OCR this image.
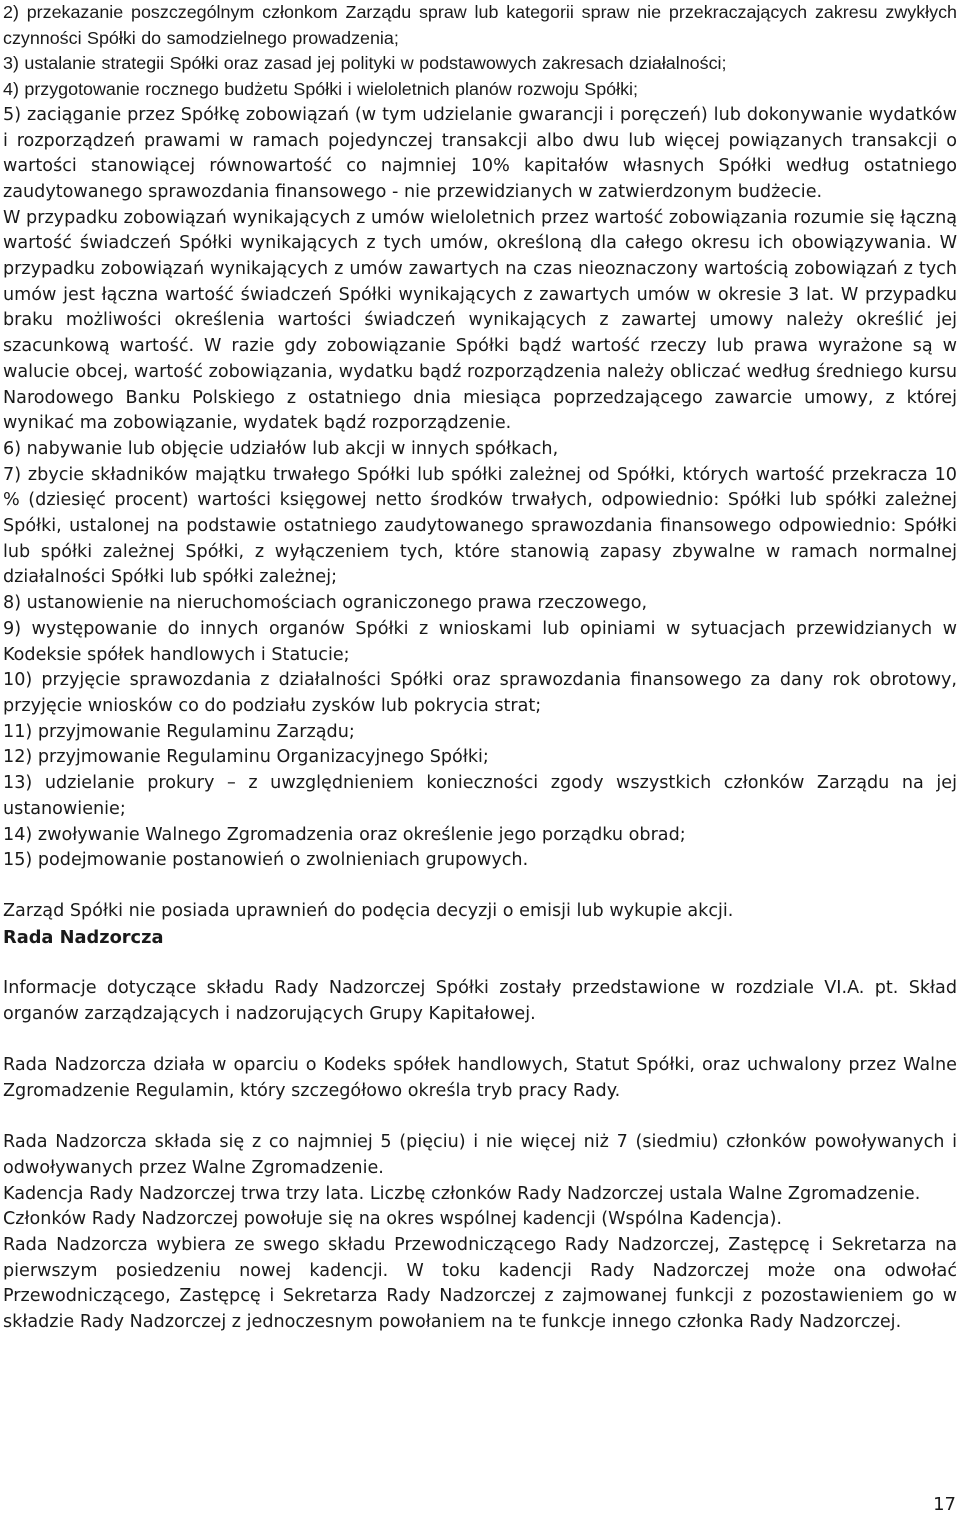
2) przekazanie poszczególnym członkom Zarządu spraw lub kategorii spraw nie przekraczających zakresu zwykłych czynności Spółki do samodzielnego prowadzenia;

3) ustalanie strategii Spółki oraz zasad jej polityki w podstawowych zakresach działalności;

4) przygotowanie rocznego budżetu Spółki i wieloletnich planów rozwoju Spółki;

5) zaciąganie przez Spółkę zobowiązań (w tym udzielanie gwarancji i poręczeń) lub dokonywanie wydatków i rozporządzeń prawami w ramach pojedynczej transakcji albo dwu lub więcej powiązanych transakcji o wartości stanowiącej równowartość co najmniej 10% kapitałów własnych Spółki według ostatniego zaudytowanego sprawozdania finansowego - nie przewidzianych w zatwierdzonym budżecie.

W przypadku zobowiązań wynikających z umów wieloletnich przez wartość zobowiązania rozumie się łączną wartość świadczeń Spółki wynikających z tych umów, określoną dla całego okresu ich obowiązywania. W przypadku zobowiązań wynikających z umów zawartych na czas nieoznaczony wartością zobowiązań z tych umów jest łączna wartość świadczeń Spółki wynikających z zawartych umów w okresie 3 lat. W przypadku braku możliwości określenia wartości świadczeń wynikających z zawartej umowy należy określić jej szacunkową wartość. W razie gdy zobowiązanie Spółki bądź wartość rzeczy lub prawa wyrażone są w walucie obcej, wartość zobowiązania, wydatku bądź rozporządzenia należy obliczać według średniego kursu Narodowego Banku Polskiego z ostatniego dnia miesiąca poprzedzającego zawarcie umowy, z której wynikać ma zobowiązanie, wydatek bądź rozporządzenie.

6) nabywanie lub objęcie udziałów lub akcji w innych spółkach,

7) zbycie składników majątku trwałego Spółki lub spółki zależnej od Spółki, których wartość przekracza 10 % (dziesięć procent) wartości księgowej netto środków trwałych, odpowiednio: Spółki lub spółki zależnej Spółki, ustalonej na podstawie ostatniego zaudytowanego sprawozdania finansowego odpowiednio: Spółki lub spółki zależnej Spółki, z wyłączeniem tych, które stanowią zapasy zbywalne w ramach normalnej działalności Spółki lub spółki zależnej;

8) ustanowienie na nieruchomościach ograniczonego prawa rzeczowego,

9) występowanie do innych organów Spółki z wnioskami lub opiniami w sytuacjach przewidzianych w Kodeksie spółek handlowych i Statucie;

10) przyjęcie sprawozdania z działalności Spółki oraz sprawozdania finansowego za dany rok obrotowy, przyjęcie wniosków co do podziału zysków lub pokrycia strat;

11) przyjmowanie Regulaminu Zarządu;

12) przyjmowanie Regulaminu Organizacyjnego Spółki;

13) udzielanie prokury – z uwzględnieniem konieczności zgody wszystkich członków Zarządu na jej ustanowienie;

14) zwoływanie Walnego Zgromadzenia oraz określenie jego porządku obrad;

15) podejmowanie postanowień o zwolnieniach grupowych.

Zarząd Spółki nie posiada uprawnień do podęcia decyzji o emisji lub wykupie akcji.

Rada Nadzorcza

Informacje dotyczące składu Rady Nadzorczej Spółki zostały przedstawione w rozdziale VI.A. pt. Skład organów zarządzających i nadzorujących Grupy Kapitałowej.

Rada Nadzorcza działa w oparciu o Kodeks spółek handlowych, Statut Spółki, oraz uchwalony przez Walne Zgromadzenie Regulamin, który szczegółowo określa tryb pracy Rady.

Rada Nadzorcza składa się z co najmniej 5 (pięciu) i nie więcej niż 7 (siedmiu) członków powoływanych i odwoływanych przez Walne Zgromadzenie.

Kadencja Rady Nadzorczej trwa trzy lata. Liczbę członków Rady Nadzorczej ustala Walne Zgromadzenie.

Członków Rady Nadzorczej powołuje się na okres wspólnej kadencji (Wspólna Kadencja).

Rada Nadzorcza wybiera ze swego składu Przewodniczącego Rady Nadzorczej, Zastępcę i Sekretarza na pierwszym posiedzeniu nowej kadencji. W toku kadencji Rady Nadzorczej może ona odwołać Przewodniczącego, Zastępcę i Sekretarza Rady Nadzorczej z zajmowanej funkcji z pozostawieniem go w składzie Rady Nadzorczej z jednoczesnym powołaniem na te funkcje innego członka Rady Nadzorczej.

17
